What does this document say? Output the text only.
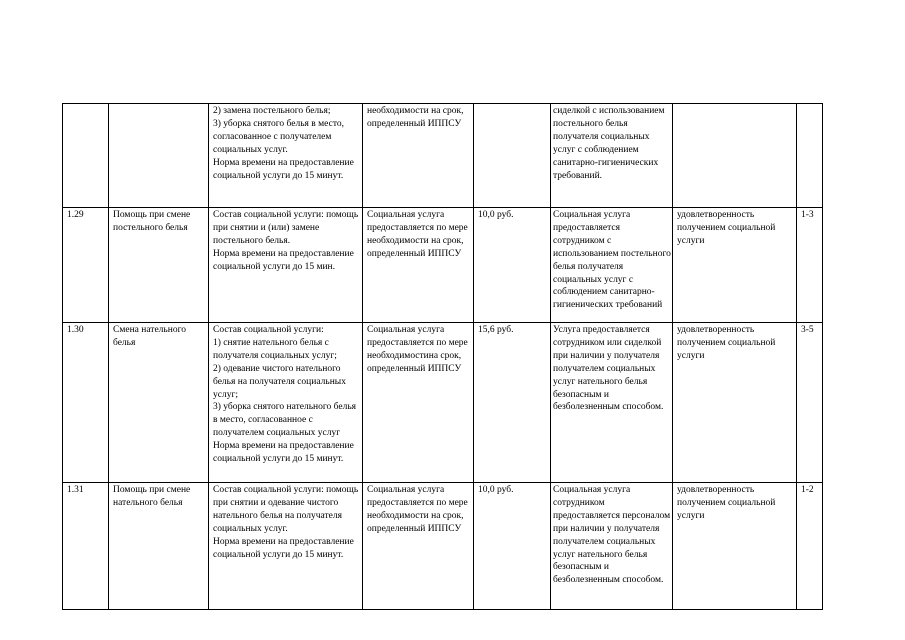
		2) замена постельного белья;
3) уборка снятого белья в место, согласованное с получателем социальных услуг.
Норма времени на предоставление социальной услуги до 15 минут.	необходимости на срок, определенный ИППСУ		сиделкой с использованием постельного белья получателя социальных услуг с соблюдением санитарно-гигиенических требований.		
1.29	Помощь при смене постельного белья	Состав социальной услуги: помощь при снятии и (или) замене постельного белья.
Норма времени на предоставление социальной услуги до 15 мин.	Социальная услуга предоставляется по мере необходимости на срок, определенный ИППСУ	10,0 руб.	Социальная услуга предоставляется сотрудником с использованием постельного белья получателя социальных услуг с соблюдением санитарно-гигиенических требований	удовлетворенность получением социальной услуги	1-3
1.30	Смена нательного белья	Состав социальной услуги:
1) снятие нательного белья с получателя социальных услуг;
2) одевание чистого нательного белья на получателя социальных услуг;
3) уборка снятого нательного белья в место, согласованное с получателем социальных услуг
Норма времени на предоставление социальной услуги до 15 минут.	Социальная услуга предоставляется по мере необходимостина срок, определенный ИППСУ	15,6 руб.	Услуга предоставляется сотрудником или сиделкой при наличии у получателя получателем социальных услуг нательного белья безопасным и безболезненным способом.	удовлетворенность получением социальной услуги	3-5
1.31	Помощь при смене нательного белья	Состав социальной услуги: помощь при снятии и одевание чистого нательного белья на получателя социальных услуг.
Норма времени на предоставление социальной услуги до 15 минут.	Социальная услуга предоставляется по мере необходимости на срок, определенный ИППСУ	10,0 руб.	Социальная услуга сотрудником предоставляется персоналом при наличии у получателя получателем социальных услуг нательного белья безопасным и безболезненным способом.	удовлетворенность получением социальной услуги	1-2
